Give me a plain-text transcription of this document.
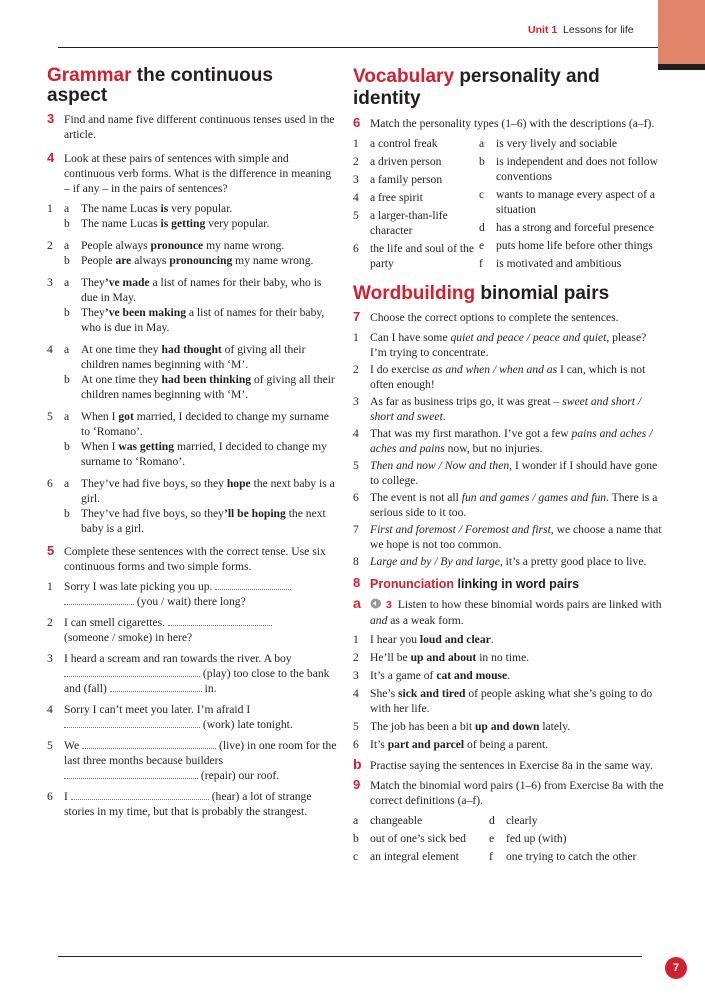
Unit 1 Lessons for life
Grammar the continuous aspect
3 Find and name five different continuous tenses used in the article.
4 Look at these pairs of sentences with simple and continuous verb forms. What is the difference in meaning – if any – in the pairs of sentences?
1 a The name Lucas is very popular.
b The name Lucas is getting very popular.
2 a People always pronounce my name wrong.
b People are always pronouncing my name wrong.
3 a They’ve made a list of names for their baby, who is due in May.
b They’ve been making a list of names for their baby, who is due in May.
4 a At one time they had thought of giving all their children names beginning with ‘M’.
b At one time they had been thinking of giving all their children names beginning with ‘M’.
5 a When I got married, I decided to change my surname to ‘Romano’.
b When I was getting married, I decided to change my surname to ‘Romano’.
6 a They’ve had five boys, so they hope the next baby is a girl.
b They’ve had five boys, so they’ll be hoping the next baby is a girl.
5 Complete these sentences with the correct tense. Use six continuous forms and two simple forms.
1 Sorry I was late picking you up.
(you / wait) there long?
2 I can smell cigarettes.
(someone / smoke) in here?
3 I heard a scream and ran towards the river. A boy  (play) too close to the bank and (fall)	in.
4 Sorry I can’t meet you later. I’m afraid I
(work) late tonight.
5 We	(live) in one room for the last three months because builders  (repair) our roof.
6 I	(hear) a lot of strange stories in my time, but that is probably the strangest.
Vocabulary personality and identity
6 Match the personality types (1–6) with the descriptions (a–f).
1 a control freak
2 a driven person
3 a family person
4 a free spirit
5 a larger-than-life character
6 the life and soul of the party
a is very lively and sociable
b is independent and does not follow conventions
c wants to manage every aspect of a situation
d has a strong and forceful presence
e puts home life before other things
f is motivated and ambitious
Wordbuilding binomial pairs
7 Choose the correct options to complete the sentences.
1 Can I have some quiet and peace / peace and quiet, please? I’m trying to concentrate.
2 I do exercise as and when / when and as I can, which is not often enough!
3 As far as business trips go, it was great – sweet and short / short and sweet.
4 That was my first marathon. I’ve got a few pains and aches / aches and pains now, but no injuries.
5 Then and now / Now and then, I wonder if I should have gone to college.
6 The event is not all fun and games / games and fun. There is a serious side to it too.
7 First and foremost / Foremost and first, we choose a name that we hope is not too common.
8 Large and by / By and large, it’s a pretty good place to live.
8 Pronunciation linking in word pairs
a 3 Listen to how these binomial words pairs are linked with and as a weak form.
1 I hear you loud and clear.
2 He’ll be up and about in no time.
3 It’s a game of cat and mouse.
4 She’s sick and tired of people asking what she’s going to do with her life.
5 The job has been a bit up and down lately.
6 It’s part and parcel of being a parent.
b Practise saying the sentences in Exercise 8a in the same way.
9 Match the binomial word pairs (1–6) from Exercise 8a with the correct definitions (a–f).
a changeable
b out of one’s sick bed
c an integral element
d clearly
e fed up (with)
f one trying to catch the other
7
